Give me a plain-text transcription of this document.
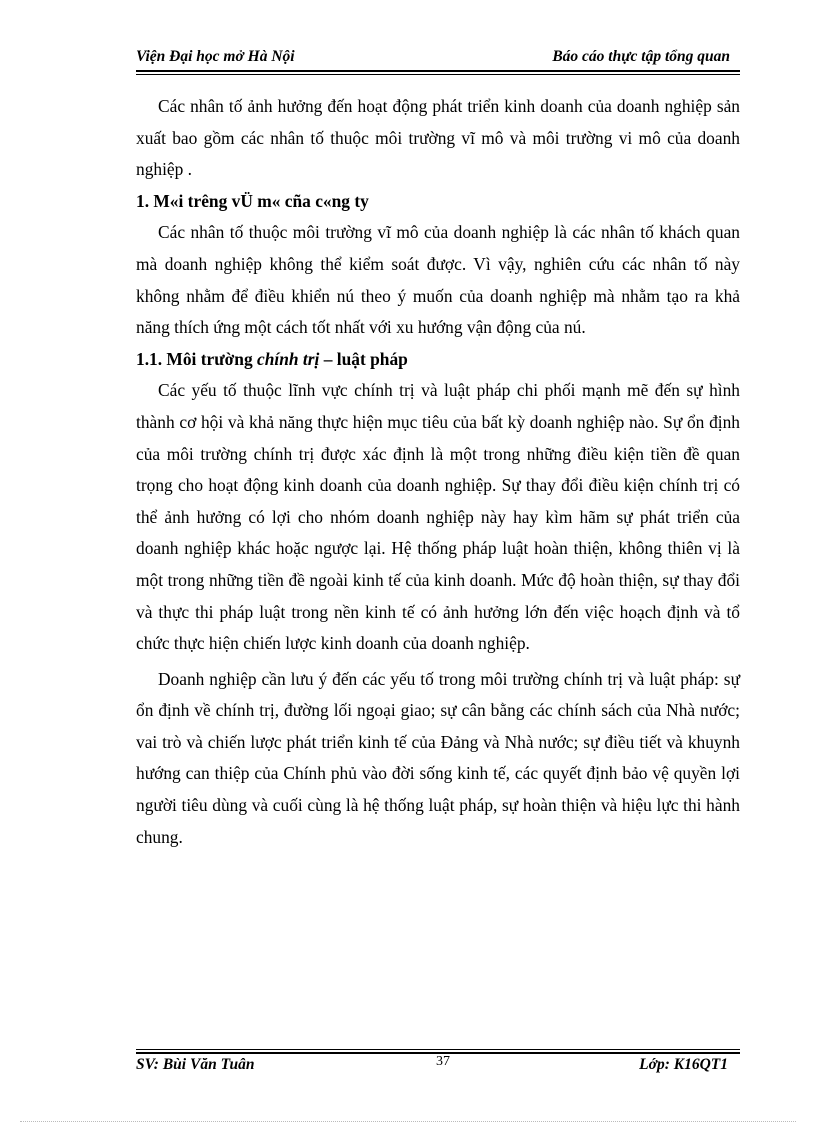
Viện Đại học mở Hà Nội	Báo cáo thực tập tổng quan

Các nhân tố ảnh hưởng đến hoạt động phát triển kinh doanh của doanh nghiệp sản xuất bao gồm các nhân tố thuộc môi trường vĩ mô và môi trường vi mô của doanh nghiệp .

1. M«i trêng vÜ m« cña c«ng ty

Các nhân tố thuộc môi trường vĩ mô của doanh nghiệp là các nhân tố khách quan mà doanh nghiệp không thể kiểm soát được. Vì vậy, nghiên cứu các nhân tố này không nhằm để điều khiển nú theo ý muốn của doanh nghiệp mà nhằm tạo ra khả năng thích ứng một cách tốt nhất với xu hướng vận động của nú.

1.1. Môi trường chính trị – luật pháp

Các yếu tố thuộc lĩnh vực chính trị và luật pháp chi phối mạnh mẽ đến sự hình thành cơ hội và khả năng thực hiện mục tiêu của bất kỳ doanh nghiệp nào. Sự ổn định của môi trường chính trị được xác định là một trong những điều kiện tiền đề quan trọng cho hoạt động kinh doanh của doanh nghiệp. Sự thay đổi điều kiện chính trị có thể ảnh hưởng có lợi cho nhóm doanh nghiệp này hay kìm hãm sự phát triển của doanh nghiệp khác hoặc ngược lại. Hệ thống pháp luật hoàn thiện, không thiên vị là một trong những tiền đề ngoài kinh tế của kinh doanh. Mức độ hoàn thiện, sự thay đổi và thực thi pháp luật trong nền kinh tế có ảnh hưởng lớn đến việc hoạch định và tổ chức thực hiện chiến lược kinh doanh của doanh nghiệp.

Doanh nghiệp cần lưu ý đến các yếu tố trong môi trường chính trị và luật pháp: sự ổn định về chính trị, đường lối ngoại giao; sự cân bằng các chính sách của Nhà nước; vai trò và chiến lược phát triển kinh tế của Đảng và Nhà nước; sự điều tiết và khuynh hướng can thiệp của Chính phủ vào đời sống kinh tế, các quyết định bảo vệ quyền lợi người tiêu dùng và cuối cùng là hệ thống luật pháp, sự hoàn thiện và hiệu lực thi hành chung.

SV: Bùi Văn Tuân	37	Lớp: K16QT1
